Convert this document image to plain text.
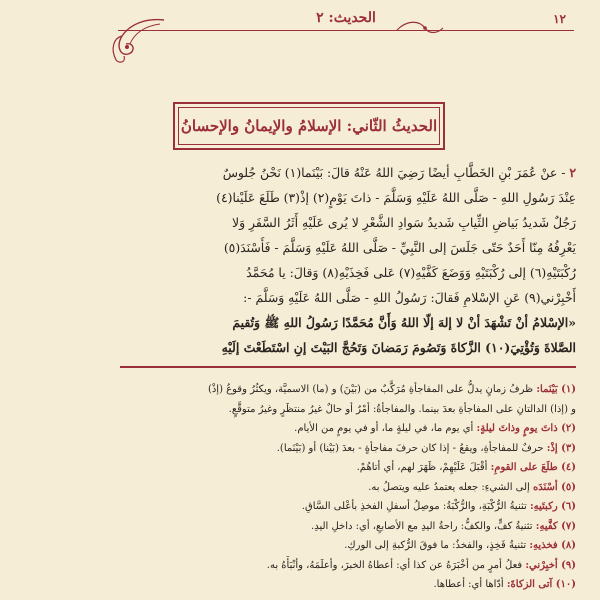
١٢
الحديث: ٢
الحديثُ الثّاني: الإسلامُ والإيمانُ والإحسانُ
٢ - عنْ عُمَرَ بْنِ الخَطَّابِ أيضًا رَضِيَ اللهُ عَنْهُ قالَ: بَيْنَما(١) نَحْنُ جُلوسٌ
عِنْدَ رَسُولِ اللهِ - صَلَّى اللهُ عَلَيْهِ وَسَلَّمَ - ذاتَ يَوْمٍ(٢) إذْ(٣) طَلَعَ عَلَيْنا(٤)
رَجُلٌ شَديدُ بَياضِ الثِّيابِ شَديدُ سَوادِ الشَّعْرِ لا يُرى عَلَيْهِ أَثَرُ السَّفَرِ وَلا
يَعْرِفُهُ مِنّا أَحَدٌ حَتّى جَلَسَ إلى النَّبِيِّ - صَلَّى اللهُ عَلَيْهِ وَسَلَّمَ - فَأَسْنَدَ(٥)
رُكْبَتَيْهِ(٦) إلى رُكْبَتَيْهِ وَوَضَعَ كَفَّيْهِ(٧) عَلى فَخِذَيْهِ(٨) وَقالَ: يا مُحَمَّدُ
أَخْبِرْني(٩) عَنِ الإسْلامِ فَقالَ: رَسُولُ اللهِ - صَلَّى اللهُ عَلَيْهِ وَسَلَّمَ -:
«الإسْلامُ أنْ تَشْهَدَ أنْ لا إلهَ إلّا اللهُ وَأَنَّ مُحَمَّدًا رَسُولُ اللهِ ﷺ وَتُقيمَ
الصَّلاةَ وَتُؤْتِيَ(١٠) الزَّكاةَ وَتَصُومَ رَمَضانَ وَتَحُجَّ البَيْتَ إنِ اسْتَطَعْتَ إلَيْهِ
(١) بَيْنَما: ظرفُ زمانٍ يدلُّ على المفاجأةِ مُرَكَّبٌ من (بَيْنَ) و (ما) الاسميَّة، ويكثُرُ وقوعُ (إذْ)
و (إذا) الدالتانِ على المفاجأةِ بعدَ بينما. والمفاجأةُ: أمْرٌ أو حالٌ غيرُ منتظَرٍ وغيرُ متوقَّعٍ.
(٢) ذاتَ يومٍ وذاتَ ليلةٍ: أي يوم ما، في ليلةٍ ما، أو في يومٍ من الأيام.
(٣) إذْ: حرفٌ للمفاجأةِ، ويقعُ - إذا كان حرفَ مفاجأةٍ - بعدَ (بَيْنا) أو (بَيْنَما).
(٤) طلَعَ على القومِ: أقْبَلَ عَلَيْهِمْ، ظَهَرَ لهم، أي أتاهُمْ.
(٥) أسْنَدَه إلى الشيءِ: جعله يعتمدُ عليه ويتصلُ به.
(٦) ركبتَيهِ: تثنيةُ الرُّكْبَةِ، والرُّكْبَةُ: موصِلُ أسفلِ الفخذِ بأعْلى السَّاقِ.
(٧) كفَّيهِ: تثنيةُ كفٍّ، والكفُّ: راحةُ اليدِ مع الأصابعِ، أي: داخلِ اليدِ.
(٨) فخذيهِ: تثنيةُ فَخِذٍ، والفخذُ: ما فوقَ الرُّكبةِ إلى الوركِ.
(٩) أخبِرْني: فعلُ أمرٍ من أخْبَرَهُ عن كذا أي: أعطاهُ الخبرَ، وأعلَمَهُ، وأنْبَأَهُ به.
(١٠) آتى الزكاةَ: أدّاها أي: أعطاها.
